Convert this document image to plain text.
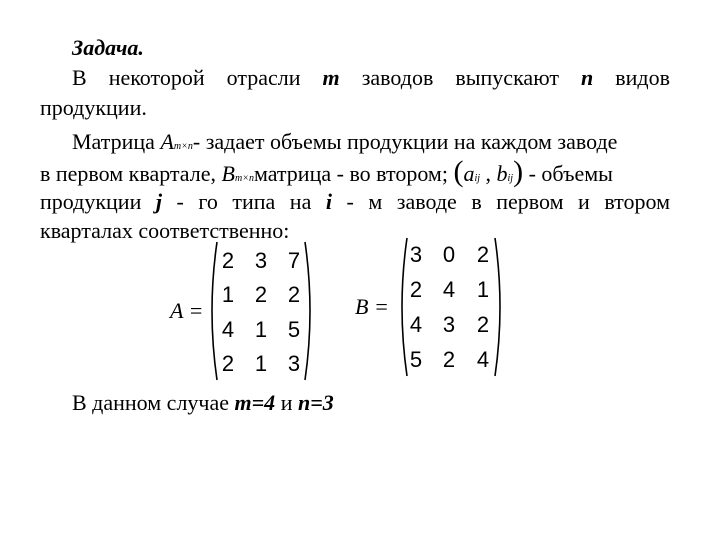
Задача.
В некоторой отрасли m заводов выпускают n видов
продукции.
Матрица Am×n- задает объемы продукции на каждом заводе
в первом квартале, Bm×nматрица - во втором; (aij , bij) - объемы
продукции j - го типа на i - м заводе в первом и втором
кварталах соответственно:
A =
2 3 7
1 2 2
4 1 5
2 1 3
B =
3 0 2
2 4 1
4 3 2
5 2 4
В данном случае m=4 и n=3
